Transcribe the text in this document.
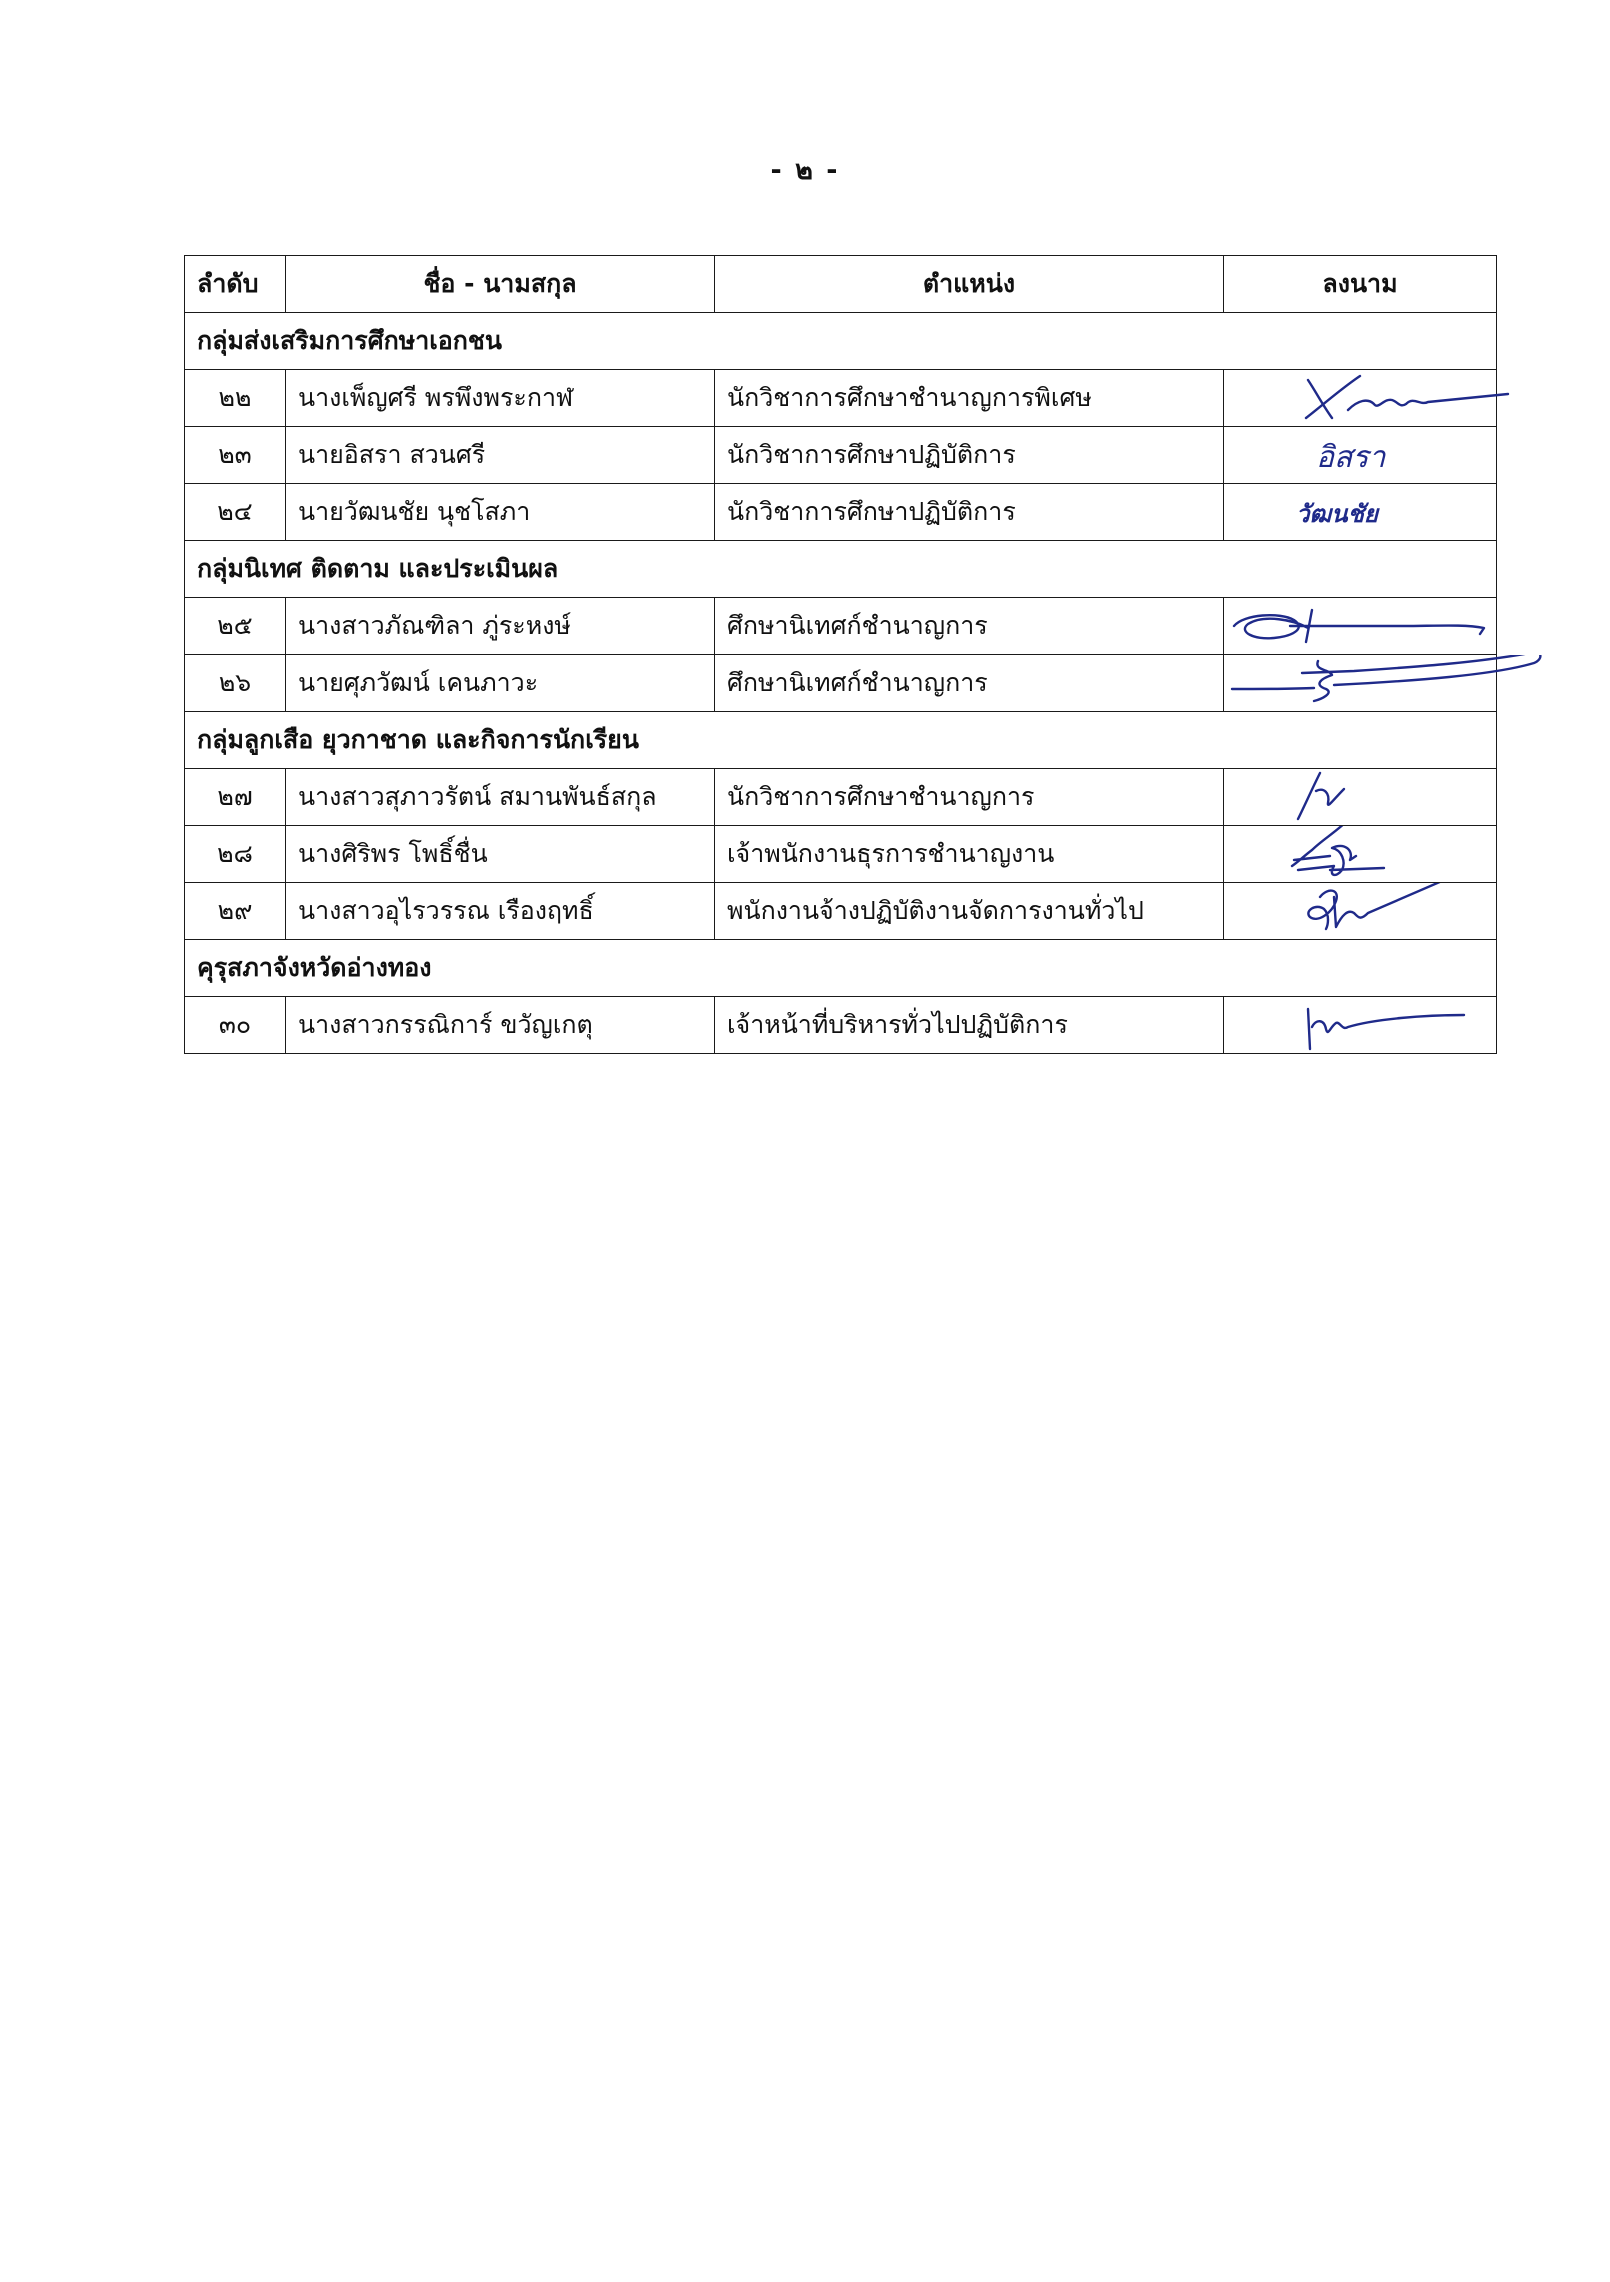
- ๒ -
ลำดับ	ชื่อ - นามสกุล	ตำแหน่ง	ลงนาม
กลุ่มส่งเสริมการศึกษาเอกชน			
๒๒	นางเพ็ญศรี พรพึงพระกาฬ	นักวิชาการศึกษาชำนาญการพิเศษ	

๒๓	นายอิสรา สวนศรี	นักวิชาการศึกษาปฏิบัติการ	อิสรา

๒๔	นายวัฒนชัย นุชโสภา	นักวิชาการศึกษาปฏิบัติการ	วัฒนชัย

กลุ่มนิเทศ ติดตาม และประเมินผล			
๒๕	นางสาวภัณฑิลา ภู่ระหงษ์	ศึกษานิเทศก์ชำนาญการ	

๒๖	นายศุภวัฒน์ เคนภาวะ	ศึกษานิเทศก์ชำนาญการ	

กลุ่มลูกเสือ ยุวกาชาด และกิจการนักเรียน			
๒๗	นางสาวสุภาวรัตน์ สมานพันธ์สกุล	นักวิชาการศึกษาชำนาญการ	

๒๘	นางศิริพร โพธิ์ชื่น	เจ้าพนักงานธุรการชำนาญงาน	

๒๙	นางสาวอุไรวรรณ เรืองฤทธิ์	พนักงานจ้างปฏิบัติงานจัดการงานทั่วไป	

คุรุสภาจังหวัดอ่างทอง			
๓๐	นางสาวกรรณิการ์ ขวัญเกตุ	เจ้าหน้าที่บริหารทั่วไปปฏิบัติการ	
